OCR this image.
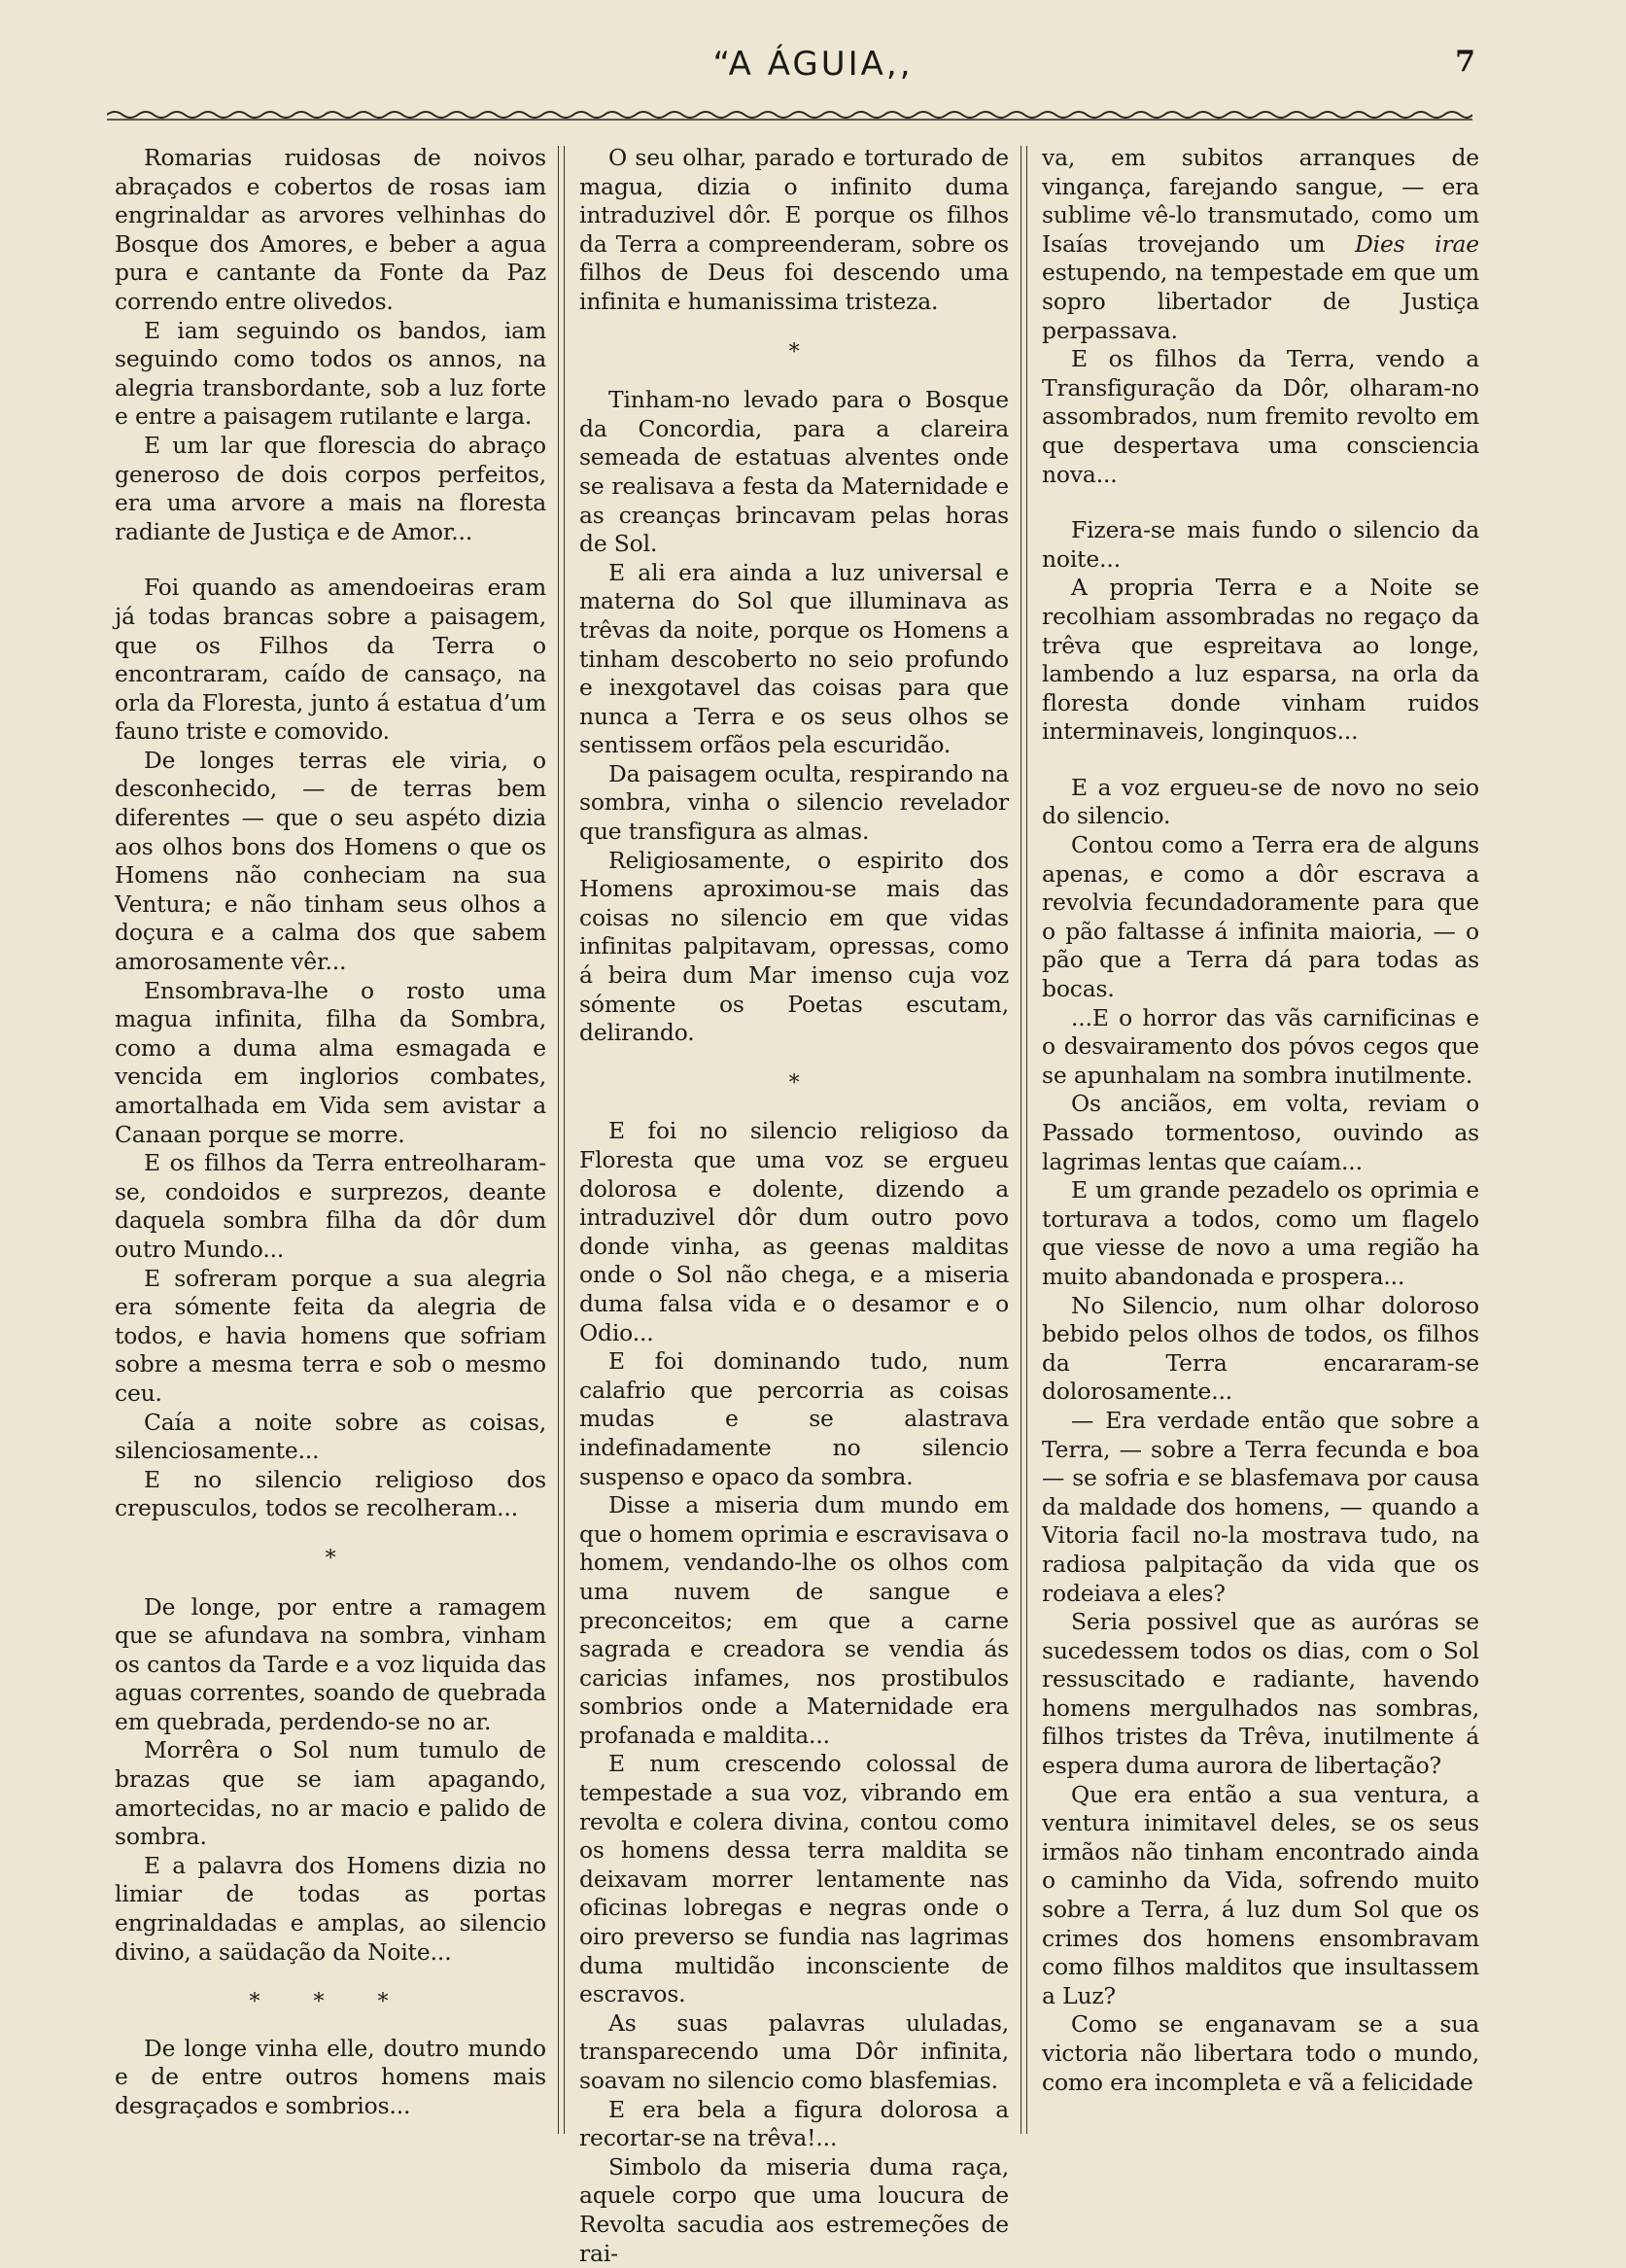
“A ÁGUIA,,	7

Romarias ruidosas de noivos abraçados e cobertos de rosas iam engrinaldar as arvores velhinhas do Bosque dos Amores, e beber a agua pura e cantante da Fonte da Paz correndo entre olivedos.

E iam seguindo os bandos, iam seguindo como todos os annos, na alegria transbordante, sob a luz forte e entre a paisagem rutilante e larga.

E um lar que florescia do abraço generoso de dois corpos perfeitos, era uma arvore a mais na floresta radiante de Justiça e de Amor...

Foi quando as amendoeiras eram já todas brancas sobre a paisagem, que os Filhos da Terra o encontraram, caído de cansaço, na orla da Floresta, junto á estatua d’um fauno triste e comovido.

De longes terras ele viria, o desconhecido, — de terras bem diferentes — que o seu aspéto dizia aos olhos bons dos Homens o que os Homens não conheciam na sua Ventura; e não tinham seus olhos a doçura e a calma dos que sabem amorosamente vêr...

Ensombrava-lhe o rosto uma magua infinita, filha da Sombra, como a duma alma esmagada e vencida em inglorios combates, amortalhada em Vida sem avistar a Canaan porque se morre.

E os filhos da Terra entreolharam-se, condoidos e surprezos, deante daquela sombra filha da dôr dum outro Mundo...

E sofreram porque a sua alegria era sómente feita da alegria de todos, e havia homens que sofriam sobre a mesma terra e sob o mesmo ceu.

Caía a noite sobre as coisas, silenciosamente...

E no silencio religioso dos crepusculos, todos se recolheram...

*

De longe, por entre a ramagem que se afundava na sombra, vinham os cantos da Tarde e a voz liquida das aguas correntes, soando de quebrada em quebrada, perdendo-se no ar.

Morrêra o Sol num tumulo de brazas que se iam apagando, amortecidas, no ar macio e palido de sombra.

E a palavra dos Homens dizia no limiar de todas as portas engrinaldadas e amplas, ao silencio divino, a saüdação da Noite...

* * *

De longe vinha elle, doutro mundo e de entre outros homens mais desgraçados e sombrios...

O seu olhar, parado e torturado de magua, dizia o infinito duma intraduzivel dôr. E porque os filhos da Terra a compreenderam, sobre os filhos de Deus foi descendo uma infinita e humanissima tristeza.

*

Tinham-no levado para o Bosque da Concordia, para a clareira semeada de estatuas alventes onde se realisava a festa da Maternidade e as creanças brincavam pelas horas de Sol.

E ali era ainda a luz universal e materna do Sol que illuminava as trêvas da noite, porque os Homens a tinham descoberto no seio profundo e inexgotavel das coisas para que nunca a Terra e os seus olhos se sentissem orfãos pela escuridão.

Da paisagem oculta, respirando na sombra, vinha o silencio revelador que transfigura as almas.

Religiosamente, o espirito dos Homens aproximou-se mais das coisas no silencio em que vidas infinitas palpitavam, opressas, como á beira dum Mar imenso cuja voz sómente os Poetas escutam, delirando.

*

E foi no silencio religioso da Floresta que uma voz se ergueu dolorosa e dolente, dizendo a intraduzivel dôr dum outro povo donde vinha, as geenas malditas onde o Sol não chega, e a miseria duma falsa vida e o desamor e o Odio...

E foi dominando tudo, num calafrio que percorria as coisas mudas e se alastrava indefinadamente no silencio suspenso e opaco da sombra.

Disse a miseria dum mundo em que o homem oprimia e escravisava o homem, vendando-lhe os olhos com uma nuvem de sangue e preconceitos; em que a carne sagrada e creadora se vendia ás caricias infames, nos prostibulos sombrios onde a Maternidade era profanada e maldita...

E num crescendo colossal de tempestade a sua voz, vibrando em revolta e colera divina, contou como os homens dessa terra maldita se deixavam morrer lentamente nas oficinas lobregas e negras onde o oiro preverso se fundia nas lagrimas duma multidão inconsciente de escravos.

As suas palavras ululadas, transparecendo uma Dôr infinita, soavam no silencio como blasfemias.

E era bela a figura dolorosa a recortar-se na trêva!...

Simbolo da miseria duma raça, aquele corpo que uma loucura de Revolta sacudia aos estremeções de rai-

va, em subitos arranques de vingança, farejando sangue, — era sublime vê-lo transmutado, como um Isaías trovejando um Dies irae estupendo, na tempestade em que um sopro libertador de Justiça perpassava.

E os filhos da Terra, vendo a Transfiguração da Dôr, olharam-no assombrados, num fremito revolto em que despertava uma consciencia nova...

Fizera-se mais fundo o silencio da noite...

A propria Terra e a Noite se recolhiam assombradas no regaço da trêva que espreitava ao longe, lambendo a luz esparsa, na orla da floresta donde vinham ruidos interminaveis, longinquos...

E a voz ergueu-se de novo no seio do silencio.

Contou como a Terra era de alguns apenas, e como a dôr escrava a revolvia fecundadoramente para que o pão faltasse á infinita maioria, — o pão que a Terra dá para todas as bocas.

...E o horror das vãs carnificinas e o desvairamento dos póvos cegos que se apunhalam na sombra inutilmente.

Os anciãos, em volta, reviam o Passado tormentoso, ouvindo as lagrimas lentas que caíam...

E um grande pezadelo os oprimia e torturava a todos, como um flagelo que viesse de novo a uma região ha muito abandonada e prospera...

No Silencio, num olhar doloroso bebido pelos olhos de todos, os filhos da Terra encararam-se dolorosamente...

— Era verdade então que sobre a Terra, — sobre a Terra fecunda e boa — se sofria e se blasfemava por causa da maldade dos homens, — quando a Vitoria facil no-la mostrava tudo, na radiosa palpitação da vida que os rodeiava a eles?

Seria possivel que as auróras se sucedessem todos os dias, com o Sol ressuscitado e radiante, havendo homens mergulhados nas sombras, filhos tristes da Trêva, inutilmente á espera duma aurora de libertação?

Que era então a sua ventura, a ventura inimitavel deles, se os seus irmãos não tinham encontrado ainda o caminho da Vida, sofrendo muito sobre a Terra, á luz dum Sol que os crimes dos homens ensombravam como filhos malditos que insultassem a Luz?

Como se enganavam se a sua victoria não libertara todo o mundo, como era incompleta e vã a felicidade
